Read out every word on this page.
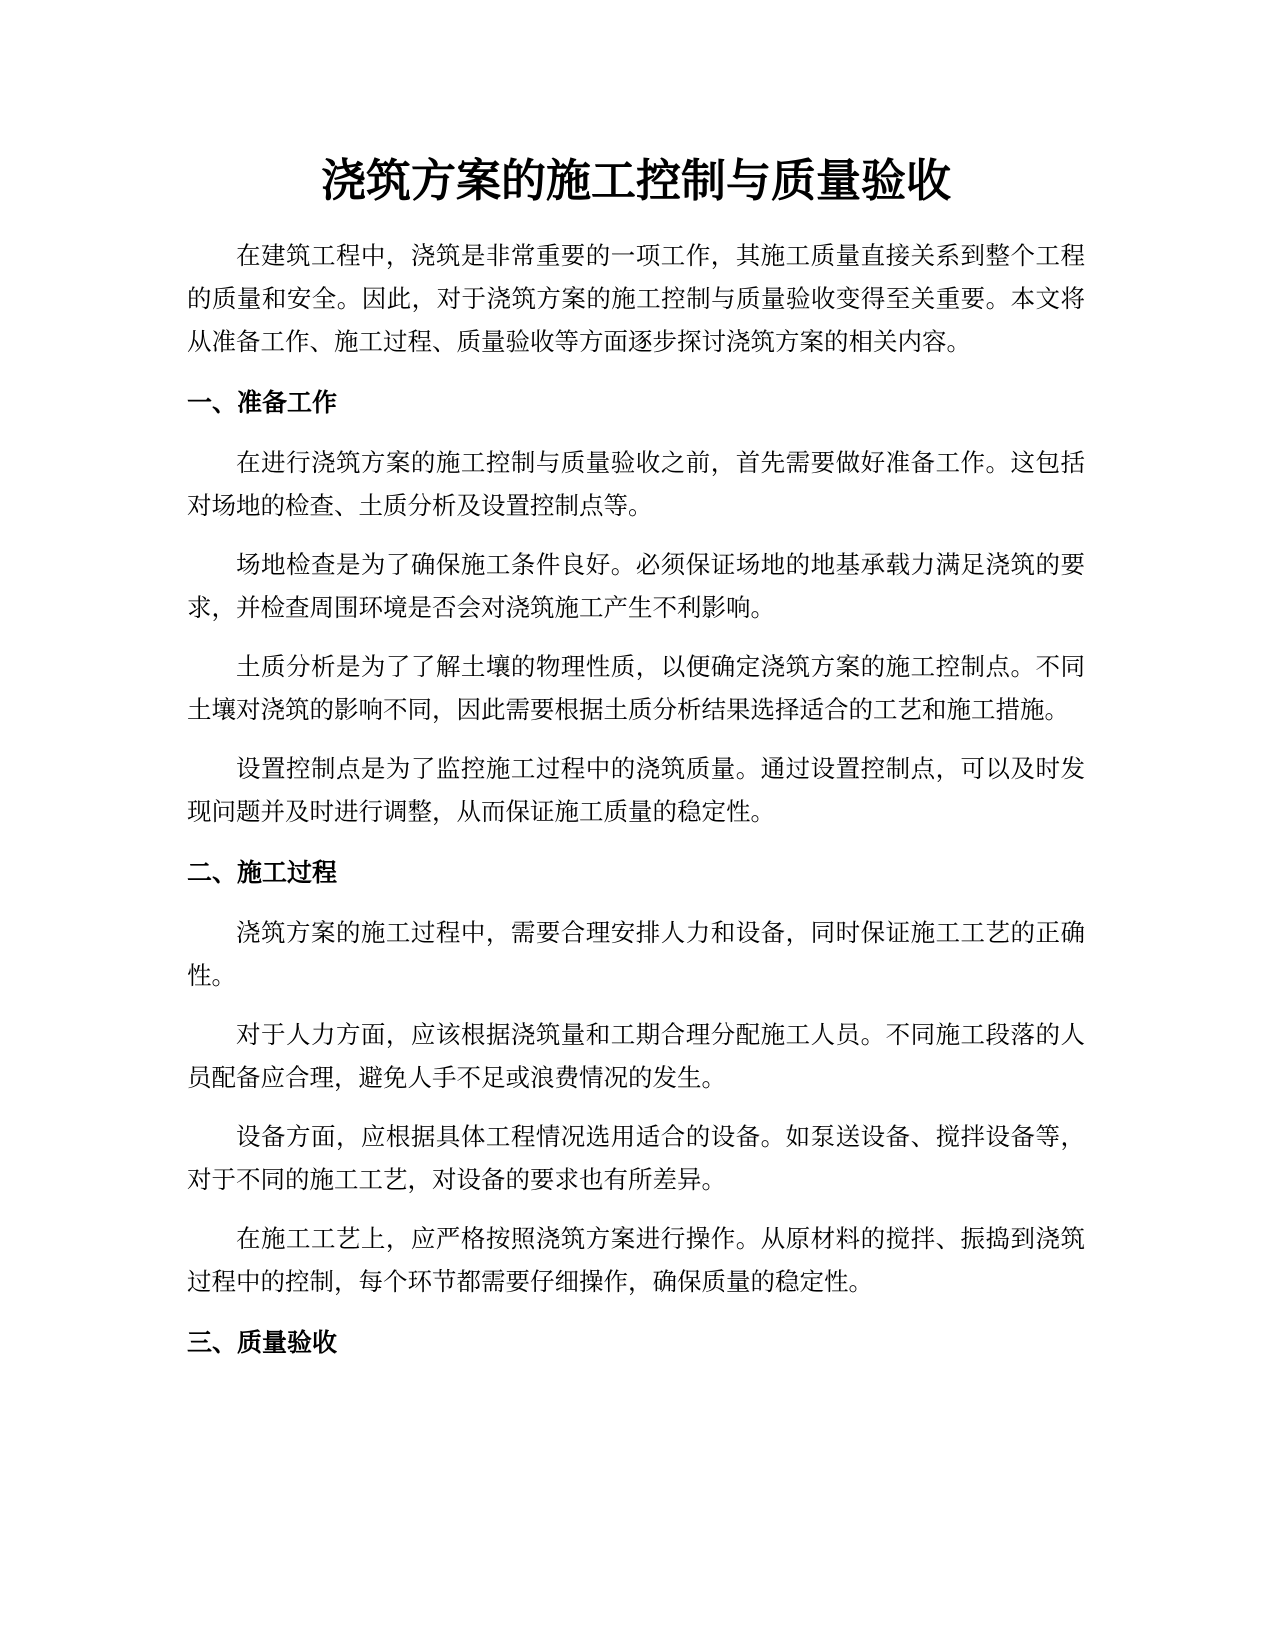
浇筑方案的施工控制与质量验收

在建筑工程中，浇筑是非常重要的一项工作，其施工质量直接关系到整个工程的质量和安全。因此，对于浇筑方案的施工控制与质量验收变得至关重要。本文将从准备工作、施工过程、质量验收等方面逐步探讨浇筑方案的相关内容。

一、准备工作

在进行浇筑方案的施工控制与质量验收之前，首先需要做好准备工作。这包括对场地的检查、土质分析及设置控制点等。

场地检查是为了确保施工条件良好。必须保证场地的地基承载力满足浇筑的要求，并检查周围环境是否会对浇筑施工产生不利影响。

土质分析是为了了解土壤的物理性质，以便确定浇筑方案的施工控制点。不同土壤对浇筑的影响不同，因此需要根据土质分析结果选择适合的工艺和施工措施。

设置控制点是为了监控施工过程中的浇筑质量。通过设置控制点，可以及时发现问题并及时进行调整，从而保证施工质量的稳定性。

二、施工过程

浇筑方案的施工过程中，需要合理安排人力和设备，同时保证施工工艺的正确性。

对于人力方面，应该根据浇筑量和工期合理分配施工人员。不同施工段落的人员配备应合理，避免人手不足或浪费情况的发生。

设备方面，应根据具体工程情况选用适合的设备。如泵送设备、搅拌设备等，对于不同的施工工艺，对设备的要求也有所差异。

在施工工艺上，应严格按照浇筑方案进行操作。从原材料的搅拌、振捣到浇筑过程中的控制，每个环节都需要仔细操作，确保质量的稳定性。

三、质量验收
